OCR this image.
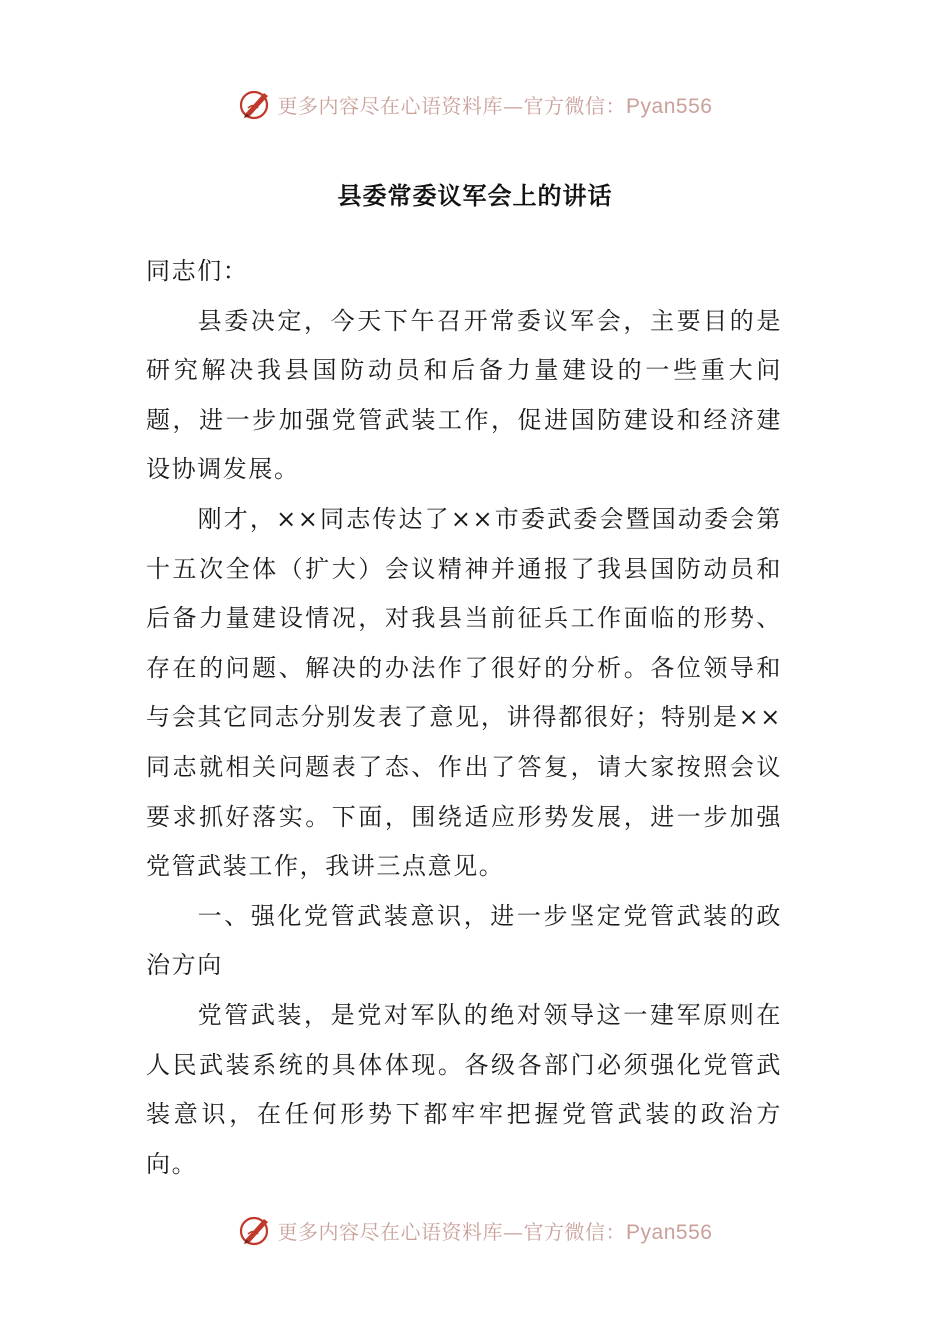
更多内容尽在心语资料库—官方微信：Pyan556
县委常委议军会上的讲话

同志们：

县委决定，今天下午召开常委议军会，主要目的是研究解决我县国防动员和后备力量建设的一些重大问题，进一步加强党管武装工作，促进国防建设和经济建设协调发展。

刚才，××同志传达了××市委武委会暨国动委会第十五次全体（扩大）会议精神并通报了我县国防动员和后备力量建设情况，对我县当前征兵工作面临的形势、存在的问题、解决的办法作了很好的分析。各位领导和与会其它同志分别发表了意见，讲得都很好；特别是××同志就相关问题表了态、作出了答复，请大家按照会议要求抓好落实。下面，围绕适应形势发展，进一步加强党管武装工作，我讲三点意见。

一、强化党管武装意识，进一步坚定党管武装的政治方向

党管武装，是党对军队的绝对领导这一建军原则在人民武装系统的具体体现。各级各部门必须强化党管武装意识，在任何形势下都牢牢把握党管武装的政治方向。

更多内容尽在心语资料库—官方微信：Pyan556
